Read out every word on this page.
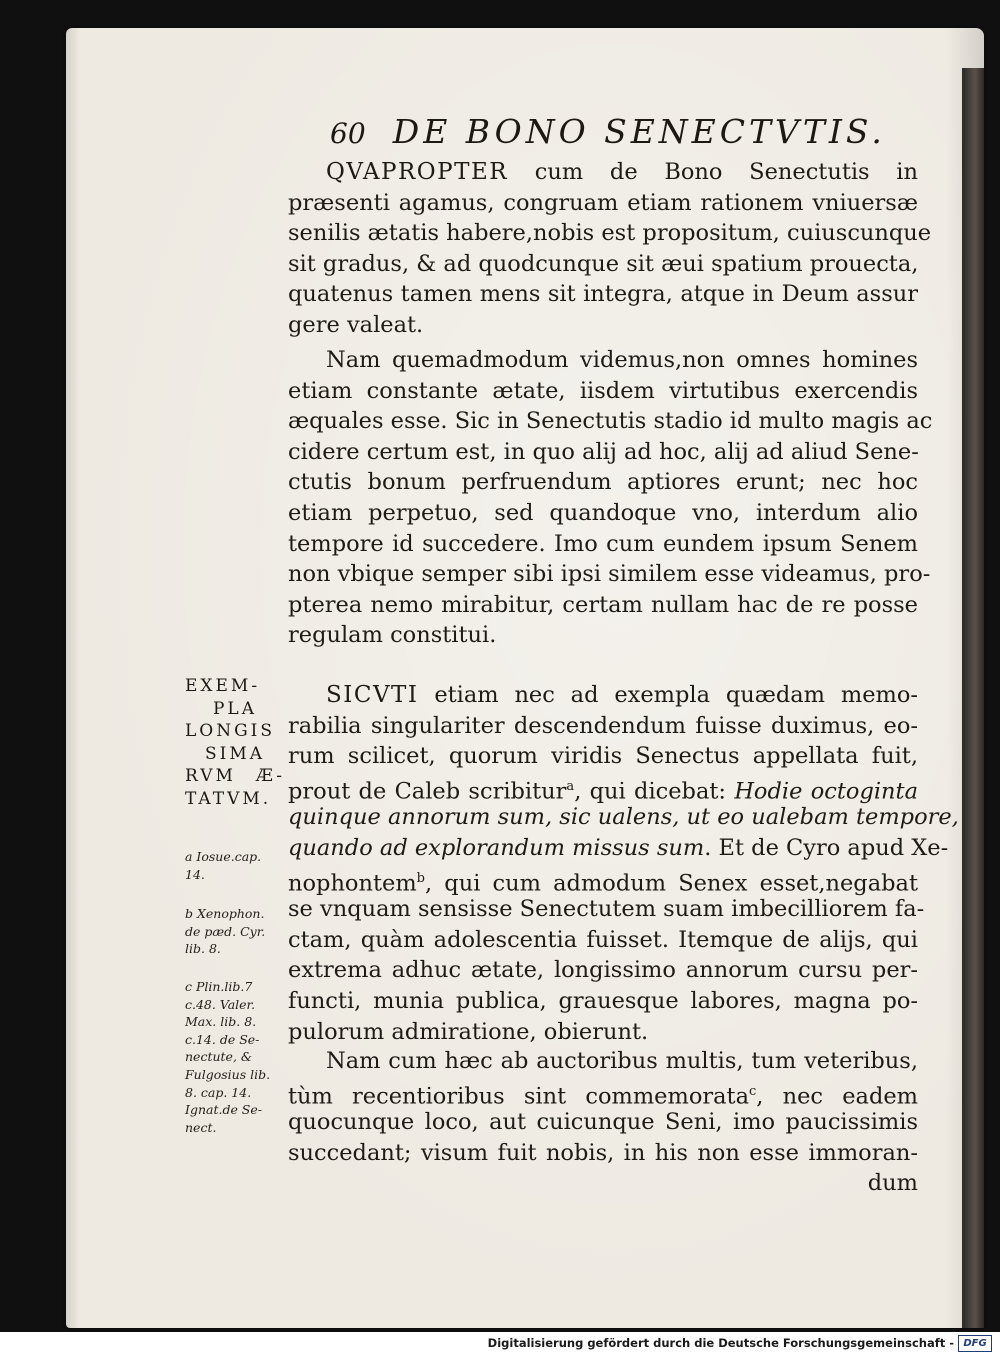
60 DE BONO SENECTVTIS.
QVAPROPTER cum de Bono Senectutis in
præsenti agamus, congruam etiam rationem vniuersæ
senilis ætatis habere,nobis est propositum, cuiuscunque
sit gradus, & ad quodcunque sit æui spatium prouecta,
quatenus tamen mens sit integra, atque in Deum assur
gere valeat.
Nam quemadmodum videmus,non omnes homines
etiam constante ætate, iisdem virtutibus exercendis
æquales esse. Sic in Senectutis stadio id multo magis ac
cidere certum est, in quo alij ad hoc, alij ad aliud Sene-
ctutis bonum perfruendum aptiores erunt; nec hoc
etiam perpetuo, sed quandoque vno, interdum alio
tempore id succedere. Imo cum eundem ipsum Senem
non vbique semper sibi ipsi similem esse videamus, pro-
pterea nemo mirabitur, certam nullam hac de re posse
regulam constitui.
SICVTI etiam nec ad exempla quædam memo-
rabilia singulariter descendendum fuisse duximus, eo-
rum scilicet, quorum viridis Senectus appellata fuit,
prout de Caleb scribitur$^a$, qui dicebat: Hodie octoginta
quinque annorum sum, sic ualens, ut eo ualebam tempore,
quando ad explorandum missus sum. Et de Cyro apud Xe-
nophontem$^b$, qui cum admodum Senex esset,negabat
se vnquam sensisse Senectutem suam imbecilliorem fa-
ctam, quàm adolescentia fuisset. Itemque de alijs, qui
extrema adhuc ætate, longissimo annorum cursu per-
functi, munia publica, grauesque labores, magna po-
pulorum admiratione, obierunt.
Nam cum hæc ab auctoribus multis, tum veteribus,
tùm recentioribus sint commemorata$^c$, nec eadem
quocunque loco, aut cuicunque Seni, imo paucissimis
succedant; visum fuit nobis, in his non esse immoran-
dum
EXEM-
PLA
LONGIS
SIMA
RVM Æ-
TATVM.
a Iosue.cap.
14.
b Xenophon.
de pæd. Cyr.
lib. 8.
c Plin.lib.7
c.48. Valer.
Max. lib. 8.
c.14. de Se-
nectute, &
Fulgosius lib.
8. cap. 14.
Ignat.de Se-
nect.
Digitalisierung gefördert durch die Deutsche Forschungsgemeinschaft - DFG
